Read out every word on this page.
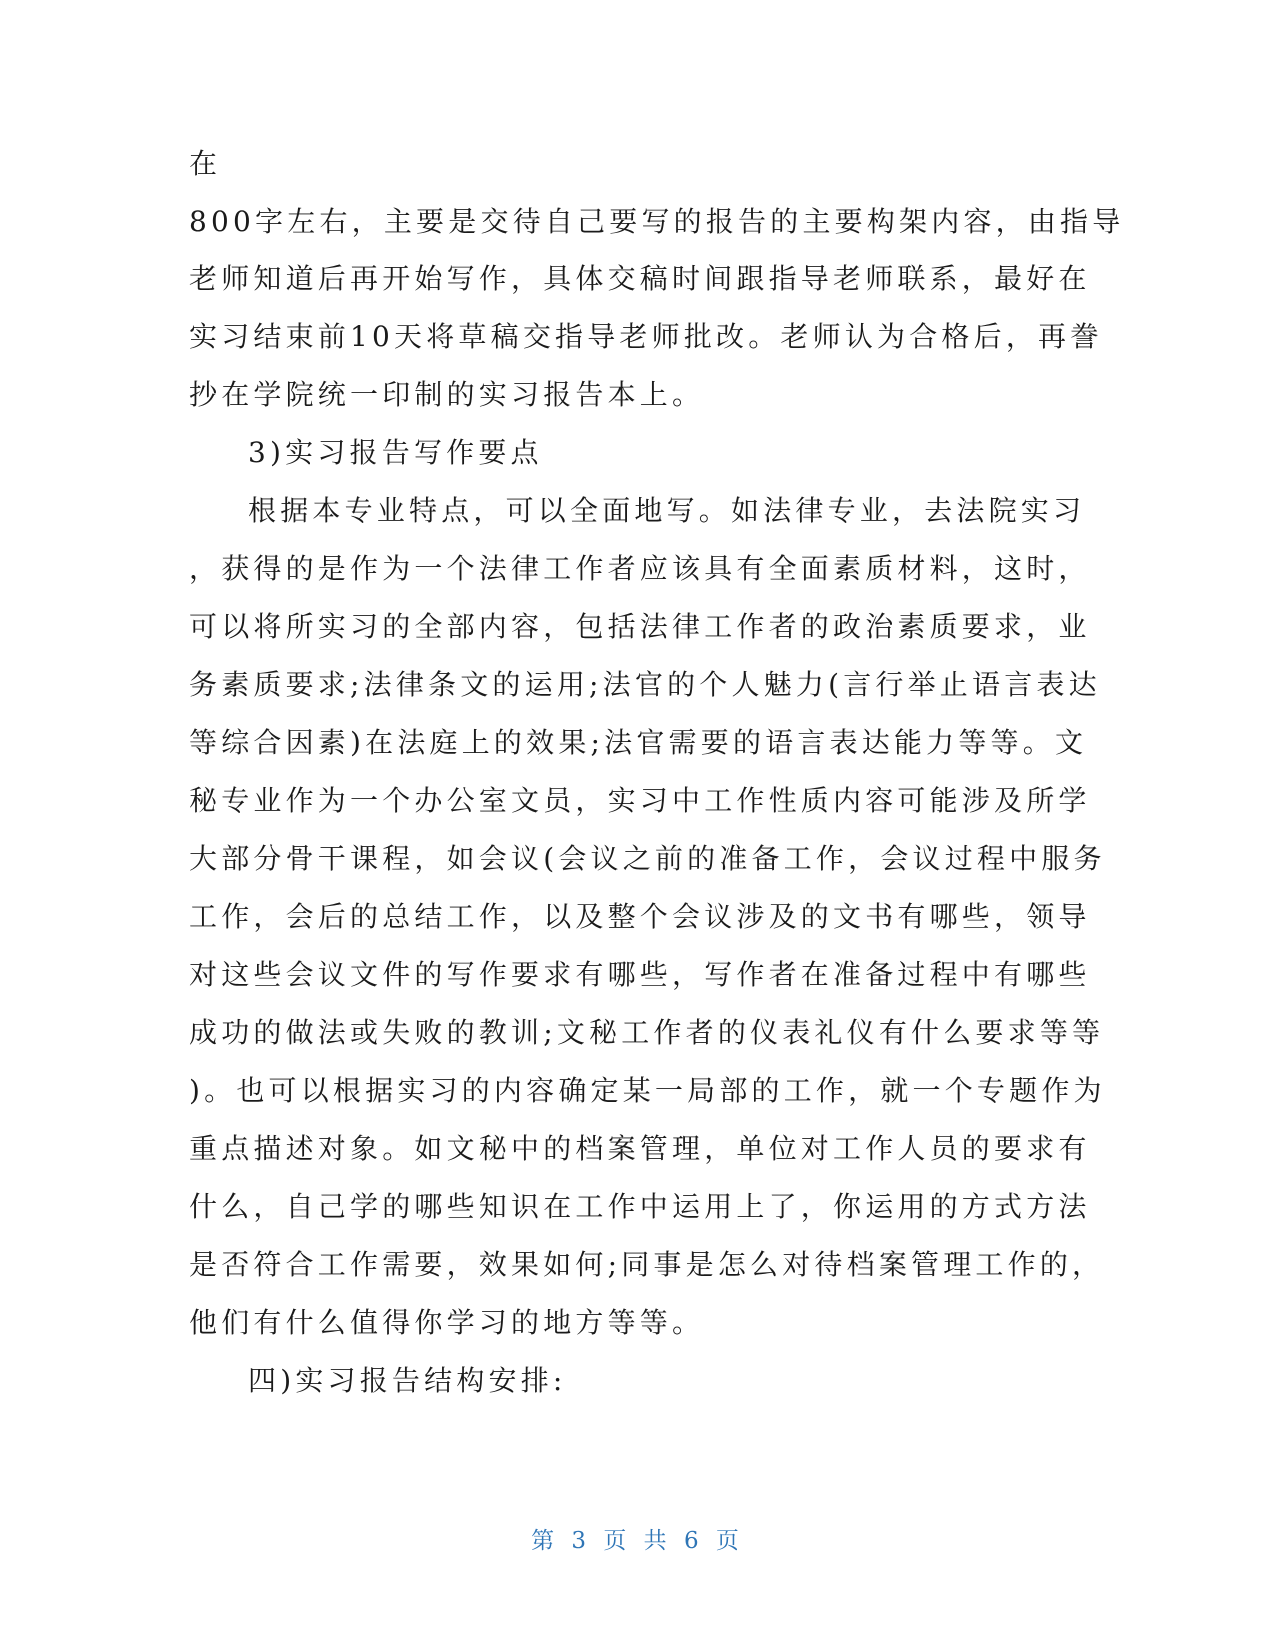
在
800字左右，主要是交待自己要写的报告的主要构架内容，由指导
老师知道后再开始写作，具体交稿时间跟指导老师联系，最好在
实习结束前10天将草稿交指导老师批改。老师认为合格后，再誊
抄在学院统一印制的实习报告本上。
3)实习报告写作要点
根据本专业特点，可以全面地写。如法律专业，去法院实习
，获得的是作为一个法律工作者应该具有全面素质材料，这时，
可以将所实习的全部内容，包括法律工作者的政治素质要求，业
务素质要求;法律条文的运用;法官的个人魅力(言行举止语言表达
等综合因素)在法庭上的效果;法官需要的语言表达能力等等。文
秘专业作为一个办公室文员，实习中工作性质内容可能涉及所学
大部分骨干课程，如会议(会议之前的准备工作，会议过程中服务
工作，会后的总结工作，以及整个会议涉及的文书有哪些，领导
对这些会议文件的写作要求有哪些，写作者在准备过程中有哪些
成功的做法或失败的教训;文秘工作者的仪表礼仪有什么要求等等
)。也可以根据实习的内容确定某一局部的工作，就一个专题作为
重点描述对象。如文秘中的档案管理，单位对工作人员的要求有
什么，自己学的哪些知识在工作中运用上了，你运用的方式方法
是否符合工作需要，效果如何;同事是怎么对待档案管理工作的，
他们有什么值得你学习的地方等等。
四)实习报告结构安排:
第 3 页 共 6 页
